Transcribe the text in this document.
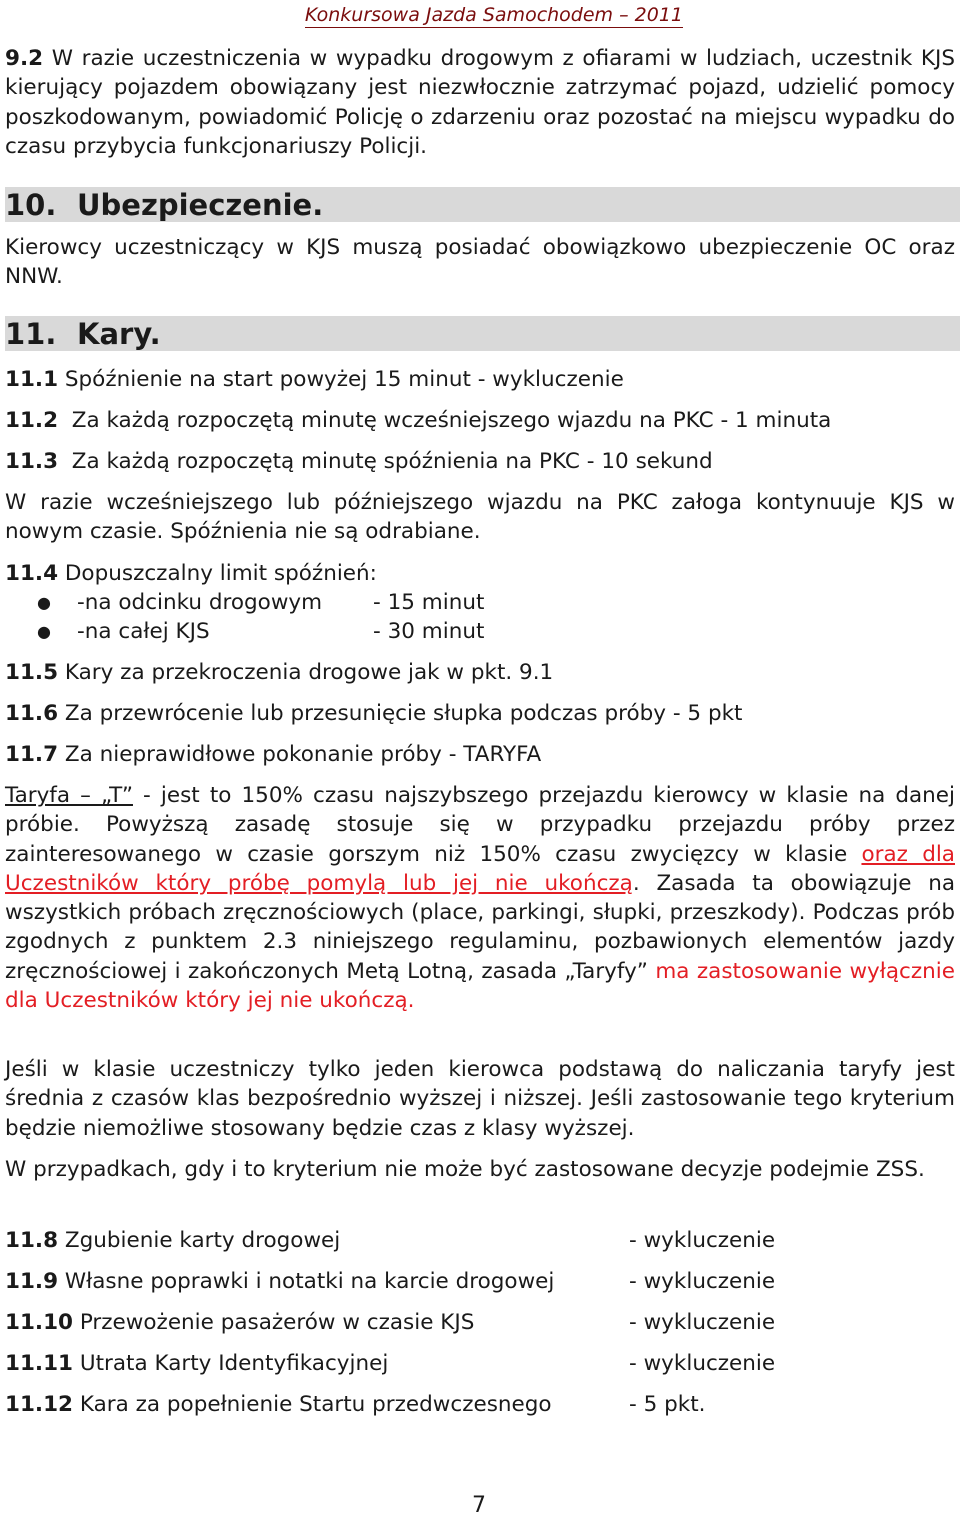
Konkursowa Jazda Samochodem – 2011

9.2 W razie uczestniczenia w wypadku drogowym z ofiarami w ludziach, uczestnik KJS kierujący pojazdem obowiązany jest niezwłocznie zatrzymać pojazd, udzielić pomocy poszkodowanym, powiadomić Policję o zdarzeniu oraz pozostać na miejscu wypadku do czasu przybycia funkcjonariuszy Policji.

10. Ubezpieczenie.

Kierowcy uczestniczący w KJS muszą posiadać obowiązkowo ubezpieczenie OC oraz NNW.

11. Kary.
11.1 Spóźnienie na start powyżej 15 minut - wykluczenie
11.2  Za każdą rozpoczętą minutę wcześniejszego wjazdu na PKC - 1 minuta
11.3  Za każdą rozpoczętą minutę spóźnienia na PKC - 10 sekund

W razie wcześniejszego lub późniejszego wjazdu na PKC załoga kontynuuje KJS w nowym czasie. Spóźnienia nie są odrabiane.

11.4 Dopuszczalny limit spóźnień:
● -na odcinku drogowym - 15 minut
● -na całej KJS	- 30 minut
11.5 Kary za przekroczenia drogowe jak w pkt. 9.1
11.6 Za przewrócenie lub przesunięcie słupka podczas próby - 5 pkt
11.7 Za nieprawidłowe pokonanie próby - TARYFA

Taryfa – „T” - jest to 150% czasu najszybszego przejazdu kierowcy w klasie na danej próbie. Powyższą zasadę stosuje się w przypadku przejazdu próby przez zainteresowanego w czasie gorszym niż 150% czasu zwycięzcy w klasie oraz dla Uczestników który próbę pomylą lub jej nie ukończą. Zasada ta obowiązuje na wszystkich próbach zręcznościowych (place, parkingi, słupki, przeszkody). Podczas prób zgodnych z punktem 2.3 niniejszego regulaminu, pozbawionych elementów jazdy zręcznościowej i zakończonych Metą Lotną, zasada „Taryfy” ma zastosowanie wyłącznie dla Uczestników który jej nie ukończą.

Jeśli w klasie uczestniczy tylko jeden kierowca podstawą do naliczania taryfy jest średnia z czasów klas bezpośrednio wyższej i niższej. Jeśli zastosowanie tego kryterium będzie niemożliwe stosowany będzie czas z klasy wyższej.

W przypadkach, gdy i to kryterium nie może być zastosowane decyzje podejmie ZSS.

11.8 Zgubienie karty drogowej	- wykluczenie
11.9 Własne poprawki i notatki na karcie drogowej	- wykluczenie
11.10 Przewożenie pasażerów w czasie KJS	- wykluczenie
11.11 Utrata Karty Identyfikacyjnej	- wykluczenie
11.12 Kara za popełnienie Startu przedwczesnego	- 5 pkt.
7
